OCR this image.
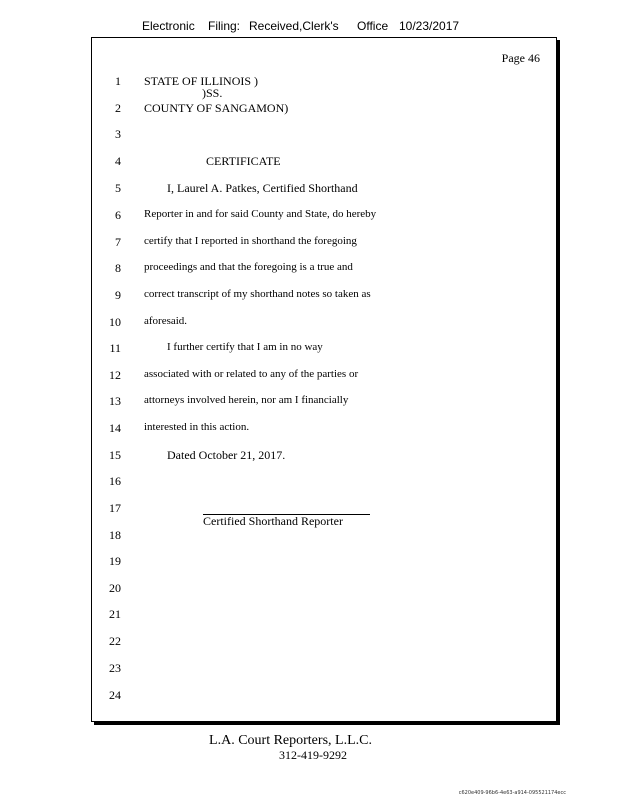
Electronic Filing: Received,Clerk's Office 10/23/2017
Page 46
1 STATE OF ILLINOIS )
)SS.
2 COUNTY OF SANGAMON)
3
4	CERTIFICATE
5	I, Laurel A. Patkes, Certified Shorthand
6 Reporter in and for said County and State, do hereby
7 certify that I reported in shorthand the foregoing
8 proceedings and that the foregoing is a true and
9 correct transcript of my shorthand notes so taken as
10 aforesaid.
11	I further certify that I am in no way
12 associated with or related to any of the parties or
13 attorneys involved herein, nor am I financially
14 interested in this action.
15	Dated October 21, 2017.
16
17
Certified Shorthand Reporter
18
19
20
21
22
23
24
L.A. Court Reporters, L.L.C.
312-419-9292
c620e409-96b6-4e63-a914-095521174ecc
